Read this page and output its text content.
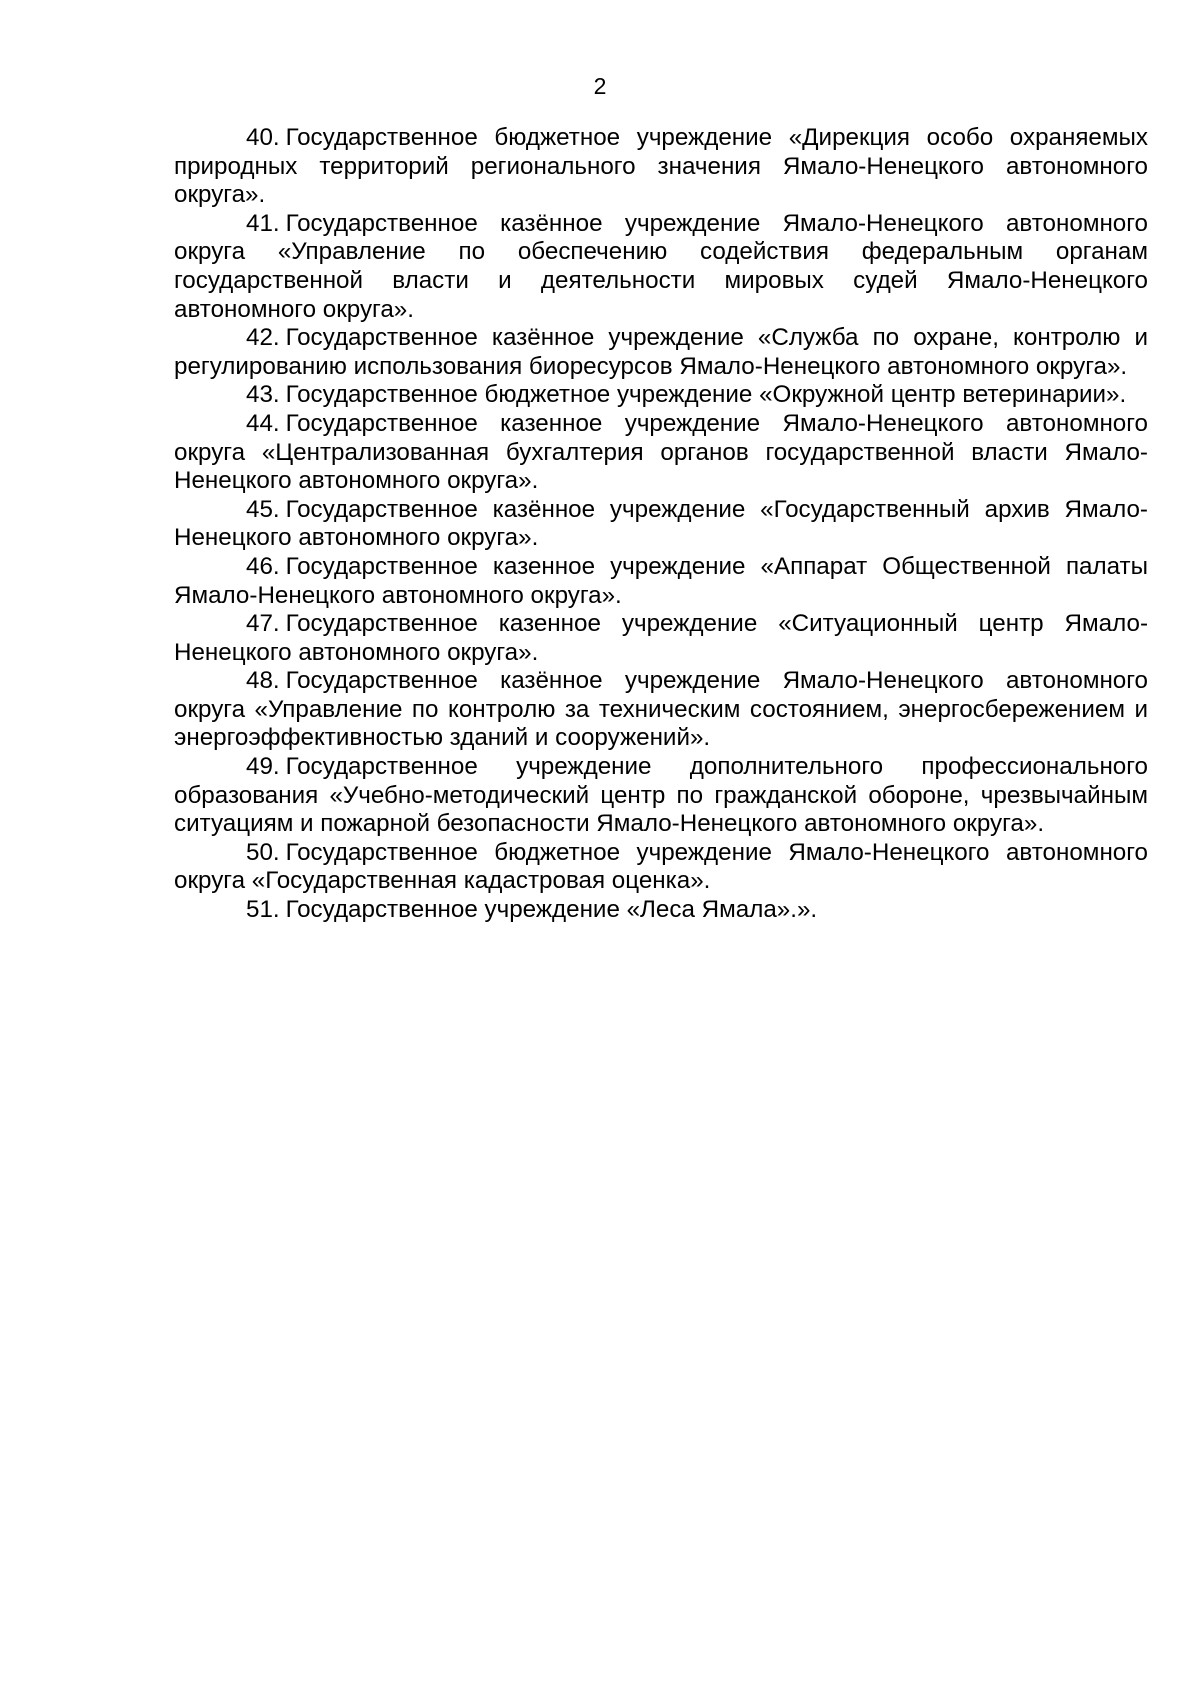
2

40. Государственное бюджетное учреждение «Дирекция особо охраняемых природных территорий регионального значения Ямало-Ненецкого автономного округа».

41. Государственное казённое учреждение Ямало-Ненецкого автономного округа «Управление по обеспечению содействия федеральным органам государственной власти и деятельности мировых судей Ямало-Ненецкого автономного округа».

42. Государственное казённое учреждение «Служба по охране, контролю и регулированию использования биоресурсов Ямало-Ненецкого автономного округа».

43. Государственное бюджетное учреждение «Окружной центр ветеринарии».

44. Государственное казенное учреждение Ямало-Ненецкого автономного округа «Централизованная бухгалтерия органов государственной власти Ямало-Ненецкого автономного округа».

45. Государственное казённое учреждение «Государственный архив Ямало-Ненецкого автономного округа».

46. Государственное казенное учреждение «Аппарат Общественной палаты Ямало-Ненецкого автономного округа».

47. Государственное казенное учреждение «Ситуационный центр Ямало-Ненецкого автономного округа».

48. Государственное казённое учреждение Ямало-Ненецкого автономного округа «Управление по контролю за техническим состоянием, энергосбережением и энергоэффективностью зданий и сооружений».

49. Государственное учреждение дополнительного профессионального образования «Учебно-методический центр по гражданской обороне, чрезвычайным ситуациям и пожарной безопасности Ямало-Ненецкого автономного округа».

50. Государственное бюджетное учреждение Ямало-Ненецкого автономного округа «Государственная кадастровая оценка».

51. Государственное учреждение «Леса Ямала».».
